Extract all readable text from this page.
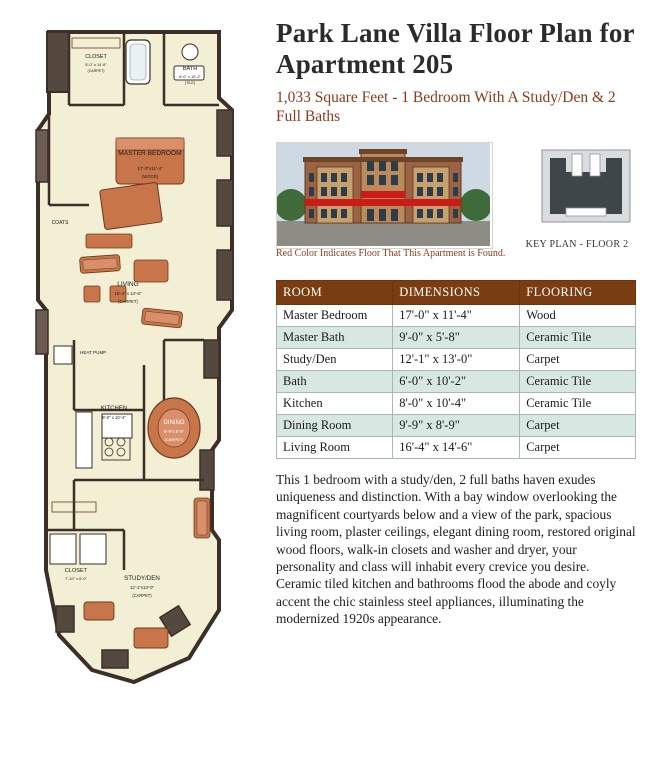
MASTER BEDROOM
17'-0"x11'-4"
(WOOD)
CLOSET
5'-0" x 14'-6"
(CARPET)	BATH
6'-0" x 10'-2"
(TILE)
COATS
LIVING
16'-4" x 14'-6"
(CARPET)
HEAT PUMP
KITCHEN
8'-0" x 10'-4"
DINING
9'-9"x 8'-9"
(CARPET)
CLOSET
7'-10" x 6'-0"	STUDY/DEN
12'-1"x13'-0"
(CARPET)
Park Lane Villa Floor Plan for Apartment 205

1,033 Square Feet - 1 Bedroom With A Study/Den & 2 Full Baths

Red Color Indicates Floor That This Apartment is Found.
KEY PLAN - FLOOR 2
ROOM	DIMENSIONS	FLOORING
Master Bedroom	17'-0" x 11'-4"	Wood
Master Bath	9'-0" x 5'-8"	Ceramic Tile
Study/Den	12'-1" x 13'-0"	Carpet
Bath	6'-0" x 10'-2"	Ceramic Tile
Kitchen	8'-0" x 10'-4"	Ceramic Tile
Dining Room	9'-9" x 8'-9"	Carpet
Living Room	16'-4" x 14'-6"	Carpet

This 1 bedroom with a study/den, 2 full baths haven exudes uniqueness and distinction. With a bay window overlooking the magnificent courtyards below and a view of the park, spacious living room, plaster ceilings, elegant dining room, restored original wood floors, walk-in closets and washer and dryer, your personality and class will inhabit every crevice you desire. Ceramic tiled kitchen and bathrooms flood the abode and coyly accent the chic stainless steel appliances, illuminating the modernized 1920s appearance.
